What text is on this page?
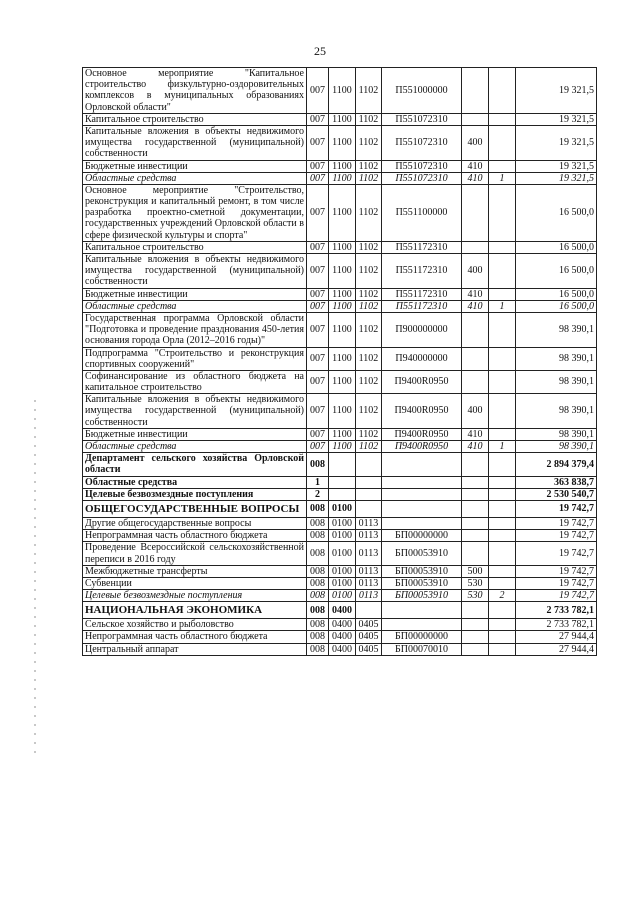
25
Основное мероприятие "Капитальное строительство физкультурно-оздоровительных комплексов в муниципальных образованиях Орловской области"	007	1100	1102	П551000000			19 321,5
Капитальное строительство	007	1100	1102	П551072310			19 321,5
Капитальные вложения в объекты недвижимого имущества государственной (муниципальной) собственности	007	1100	1102	П551072310	400		19 321,5
Бюджетные инвестиции	007	1100	1102	П551072310	410		19 321,5
Областные средства	007	1100	1102	П551072310	410	1	19 321,5
Основное мероприятие "Строительство, реконструкция и капитальный ремонт, в том числе разработка проектно-сметной документации, государственных учреждений Орловской области в сфере физической культуры и спорта"	007	1100	1102	П551100000			16 500,0
Капитальное строительство	007	1100	1102	П551172310			16 500,0
Капитальные вложения в объекты недвижимого имущества государственной (муниципальной) собственности	007	1100	1102	П551172310	400		16 500,0
Бюджетные инвестиции	007	1100	1102	П551172310	410		16 500,0
Областные средства	007	1100	1102	П551172310	410	1	16 500,0
Государственная программа Орловской области "Подготовка и проведение празднования 450-летия основания города Орла (2012–2016 годы)"	007	1100	1102	П900000000			98 390,1
Подпрограмма "Строительство и реконструкция спортивных сооружений"	007	1100	1102	П940000000			98 390,1
Софинансирование из областного бюджета на капитальное строительство	007	1100	1102	П9400R0950			98 390,1
Капитальные вложения в объекты недвижимого имущества государственной (муниципальной) собственности	007	1100	1102	П9400R0950	400		98 390,1
Бюджетные инвестиции	007	1100	1102	П9400R0950	410		98 390,1
Областные средства	007	1100	1102	П9400R0950	410	1	98 390,1
Департамент сельского хозяйства Орловской области	008						2 894 379,4
Областные средства	1						363 838,7
Целевые безвозмездные поступления	2						2 530 540,7
ОБЩЕГОСУДАРСТВЕННЫЕ ВОПРОСЫ	008	0100					19 742,7
Другие общегосударственные вопросы	008	0100	0113				19 742,7
Непрограммная часть областного бюджета	008	0100	0113	БП00000000			19 742,7
Проведение Всероссийской сельскохозяйственной переписи в 2016 году	008	0100	0113	БП00053910			19 742,7
Межбюджетные трансферты	008	0100	0113	БП00053910	500		19 742,7
Субвенции	008	0100	0113	БП00053910	530		19 742,7
Целевые безвозмездные поступления	008	0100	0113	БП00053910	530	2	19 742,7
НАЦИОНАЛЬНАЯ ЭКОНОМИКА	008	0400					2 733 782,1
Сельское хозяйство и рыболовство	008	0400	0405				2 733 782,1
Непрограммная часть областного бюджета	008	0400	0405	БП00000000			27 944,4
Центральный аппарат	008	0400	0405	БП00070010			27 944,4
